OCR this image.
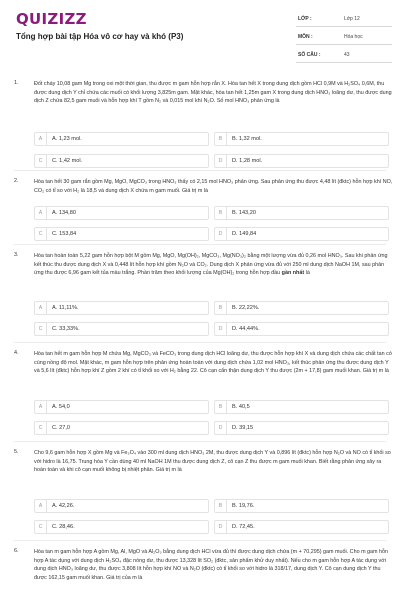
QUIZIZZ
Tổng hợp bài tập Hóa vô cơ hay và khó (P3)
LỚP :	Lớp 12
MÔN :	Hóa học
SỐ CÂU :	43
1.	Đốt cháy 10,08 gam Mg trong oxi một thời gian, thu được m gam hỗn hợp rắn X. Hòa tan hết X trong dung dịch gồm HCl 0,9M và H₂SO₄ 0,6M, thu được dung dịch Y chỉ chứa các muối có khối lượng 3,825m gam. Mặt khác, hòa tan hết 1,25m gam X trong dung dịch HNO₃ loãng dư, thu được dung dịch Z chứa 82,5 gam muối và hỗn hợp khí T gồm N₂ và 0,015 mol khí N₂O. Số mol HNO₃ phản ứng là
A	A. 1,23 mol.	B	B. 1,32 mol.
C	C. 1,42 mol.	D	D. 1,28 mol.
2.	Hòa tan hết 30 gam rắn gồm Mg, MgO, MgCO₃ trong HNO₃ thấy có 2,15 mol HNO₃ phản ứng. Sau phản ứng thu được 4,48 lít (đktc) hỗn hợp khí NO, CO₂ có tỉ so với H₂ là 18,5 và dung dịch X chứa m gam muối. Giá trị m là
A	A. 134,80	B	B. 143,20
C	C. 153,84	D	D. 149,84
3.	Hòa tan hoàn toàn 5,22 gam hỗn hợp bột M gồm Mg, MgO, Mg(OH)₂, MgCO₃, Mg(NO₃)₂ bằng một lượng vừa đủ 0,26 mol HNO₃. Sau khi phản ứng kết thúc thu được dung dịch X và 0,448 lít hỗn hợp khí gồm N₂O và CO₂. Dung dịch X phản ứng vừa đủ với 250 ml dung dịch NaOH 1M, sau phản ứng thu được 6,96 gam kết tủa màu trắng. Phần trăm theo khối lượng của Mg(OH)₂ trong hỗn hợp đầu gần nhất là
A	A. 11,11%.	B	B. 22,22%.
C	C. 33,33%.	D	D. 44,44%.
4.	Hòa tan hết m gam hỗn hợp M chứa Mg, MgCO₃ và FeCO₃ trong dung dịch HCl loãng dư, thu được hỗn hợp khí X và dung dịch chứa các chất tan có cùng nồng độ mol. Mặt khác, m gam hỗn hợp trên phản ứng hoàn toàn với dung dịch chứa 1,02 mol HNO₃, kết thúc phản ứng thu được dung dịch Y và 5,6 lít (đktc) hỗn hợp khí Z gồm 2 khí có tỉ khối so với H₂ bằng 22. Cô cạn cẩn thận dung dịch Y thu được (2m + 17,8) gam muối khan. Giá trị m là
A	A. 54,0	B	B. 40,5
C	C. 27,0	D	D. 39,15
5.	Cho 9,6 gam hỗn hợp X gồm Mg và Fe₃O₄ vào 300 ml dung dịch HNO₃ 2M, thu được dung dịch Y và 0,896 lít (đktc) hỗn hợp N₂O và NO có tỉ khối so với hidro là 16,75. Trung hòa Y cần dùng 40 ml NaOH 1M thu được dung dịch Z, cô cạn Z thu được m gam muối khan. Biết rằng phản ứng xảy ra hoàn toàn và khi cô cạn muối không bị nhiệt phân. Giá trị m là
A	A. 42,26.	B	B. 19,76.
C	C. 28,46.	D	D. 72,45.
6.	Hòa tan m gam hỗn hợp A gồm Mg, Al, MgO và Al₂O₃ bằng dung dịch HCl vừa đủ thì được dung dịch chứa (m + 70,295) gam muối. Cho m gam hỗn hợp A tác dụng với dung dịch H₂SO₄ đặc nóng dư, thu được 13,328 lít SO₂ (đktc, sản phẩm khử duy nhất). Nếu cho m gam hỗn hợp A tác dụng với dung dịch HNO₃ loãng dư, thu được 3,808 lít hỗn hợp khí NO và N₂O (đktc) có tỉ khối so với hidro là 318/17, dung dịch Y. Cô cạn dung dịch Y thu được 162,15 gam muối khan. Giá trị của m là
